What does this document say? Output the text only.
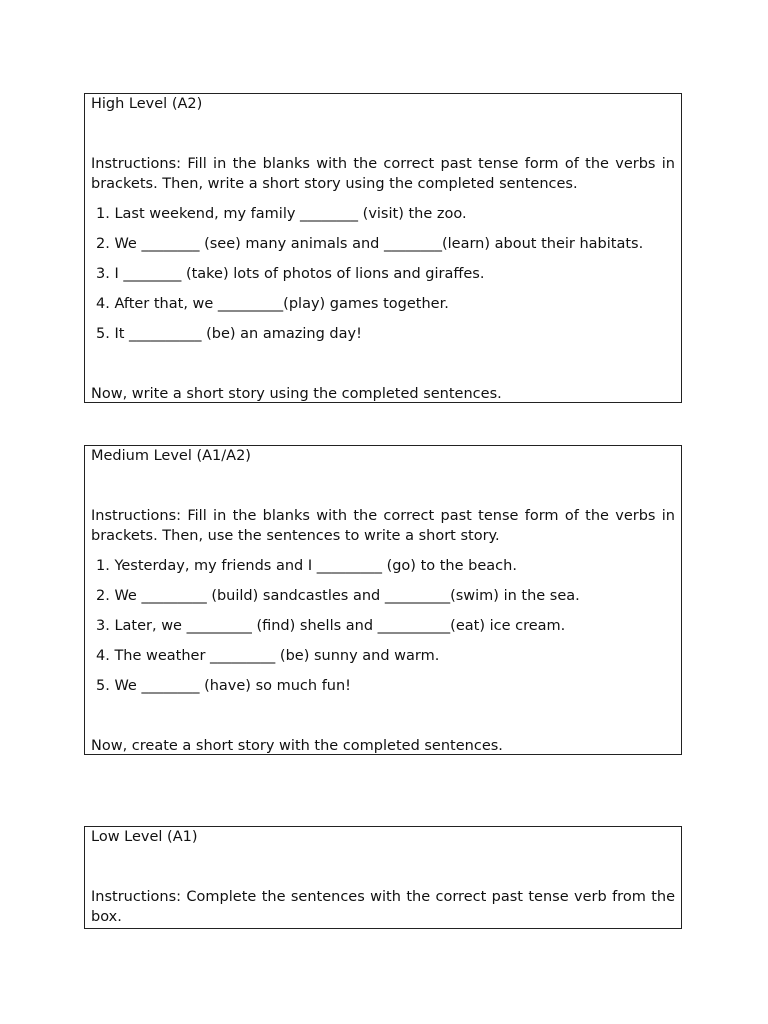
High Level (A2)

Instructions: Fill in the blanks with the correct past tense form of the verbs in brackets. Then, write a short story using the completed sentences.

1. Last weekend, my family ________ (visit) the zoo.
2. We ________ (see) many animals and ________(learn) about their habitats.
3. I ________ (take) lots of photos of lions and giraffes.
4. After that, we _________(play) games together.
5. It __________ (be) an amazing day!

Now, write a short story using the completed sentences.

Medium Level (A1/A2)

Instructions: Fill in the blanks with the correct past tense form of the verbs in brackets. Then, use the sentences to write a short story.

1. Yesterday, my friends and I _________ (go) to the beach.
2. We _________ (build) sandcastles and _________(swim) in the sea.
3. Later, we _________ (find) shells and __________(eat) ice cream.
4. The weather _________ (be) sunny and warm.
5. We ________ (have) so much fun!

Now, create a short story with the completed sentences.

Low Level (A1)

Instructions: Complete the sentences with the correct past tense verb from the box.
